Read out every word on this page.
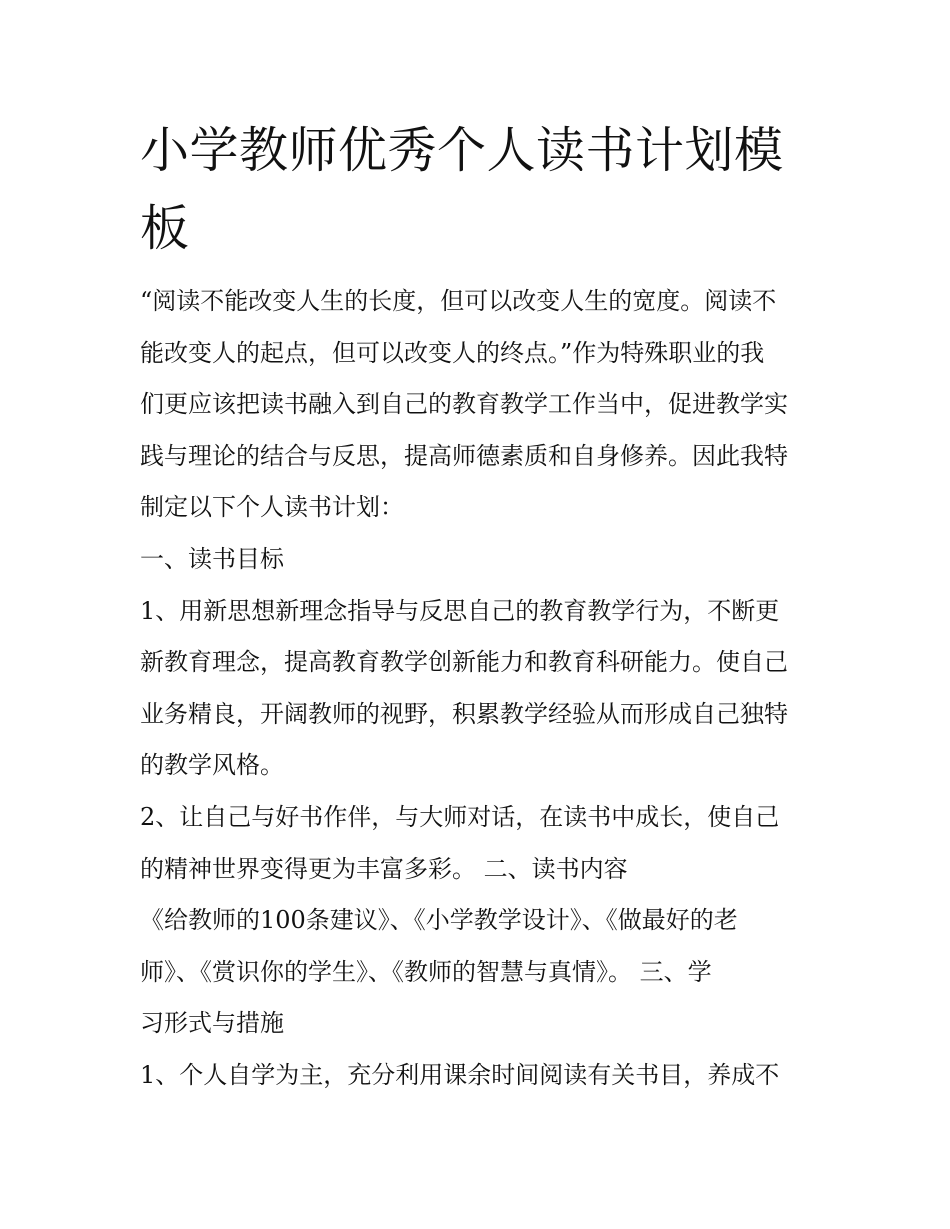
小学教师优秀个人读书计划模
板
“阅读不能改变人生的长度，但可以改变人生的宽度。阅读不
能改变人的起点，但可以改变人的终点。”作为特殊职业的我
们更应该把读书融入到自己的教育教学工作当中，促进教学实
践与理论的结合与反思，提高师德素质和自身修养。因此我特
制定以下个人读书计划：
一、读书目标
1、用新思想新理念指导与反思自己的教育教学行为，不断更
新教育理念，提高教育教学创新能力和教育科研能力。使自己
业务精良，开阔教师的视野，积累教学经验从而形成自己独特
的教学风格。
2、让自己与好书作伴，与大师对话，在读书中成长，使自己
的精神世界变得更为丰富多彩。 二、读书内容
《给教师的100条建议》、《小学教学设计》、《做最好的老
师》、《赏识你的学生》、《教师的智慧与真情》。 三、学
习形式与措施
1、个人自学为主，充分利用课余时间阅读有关书目，养成不
